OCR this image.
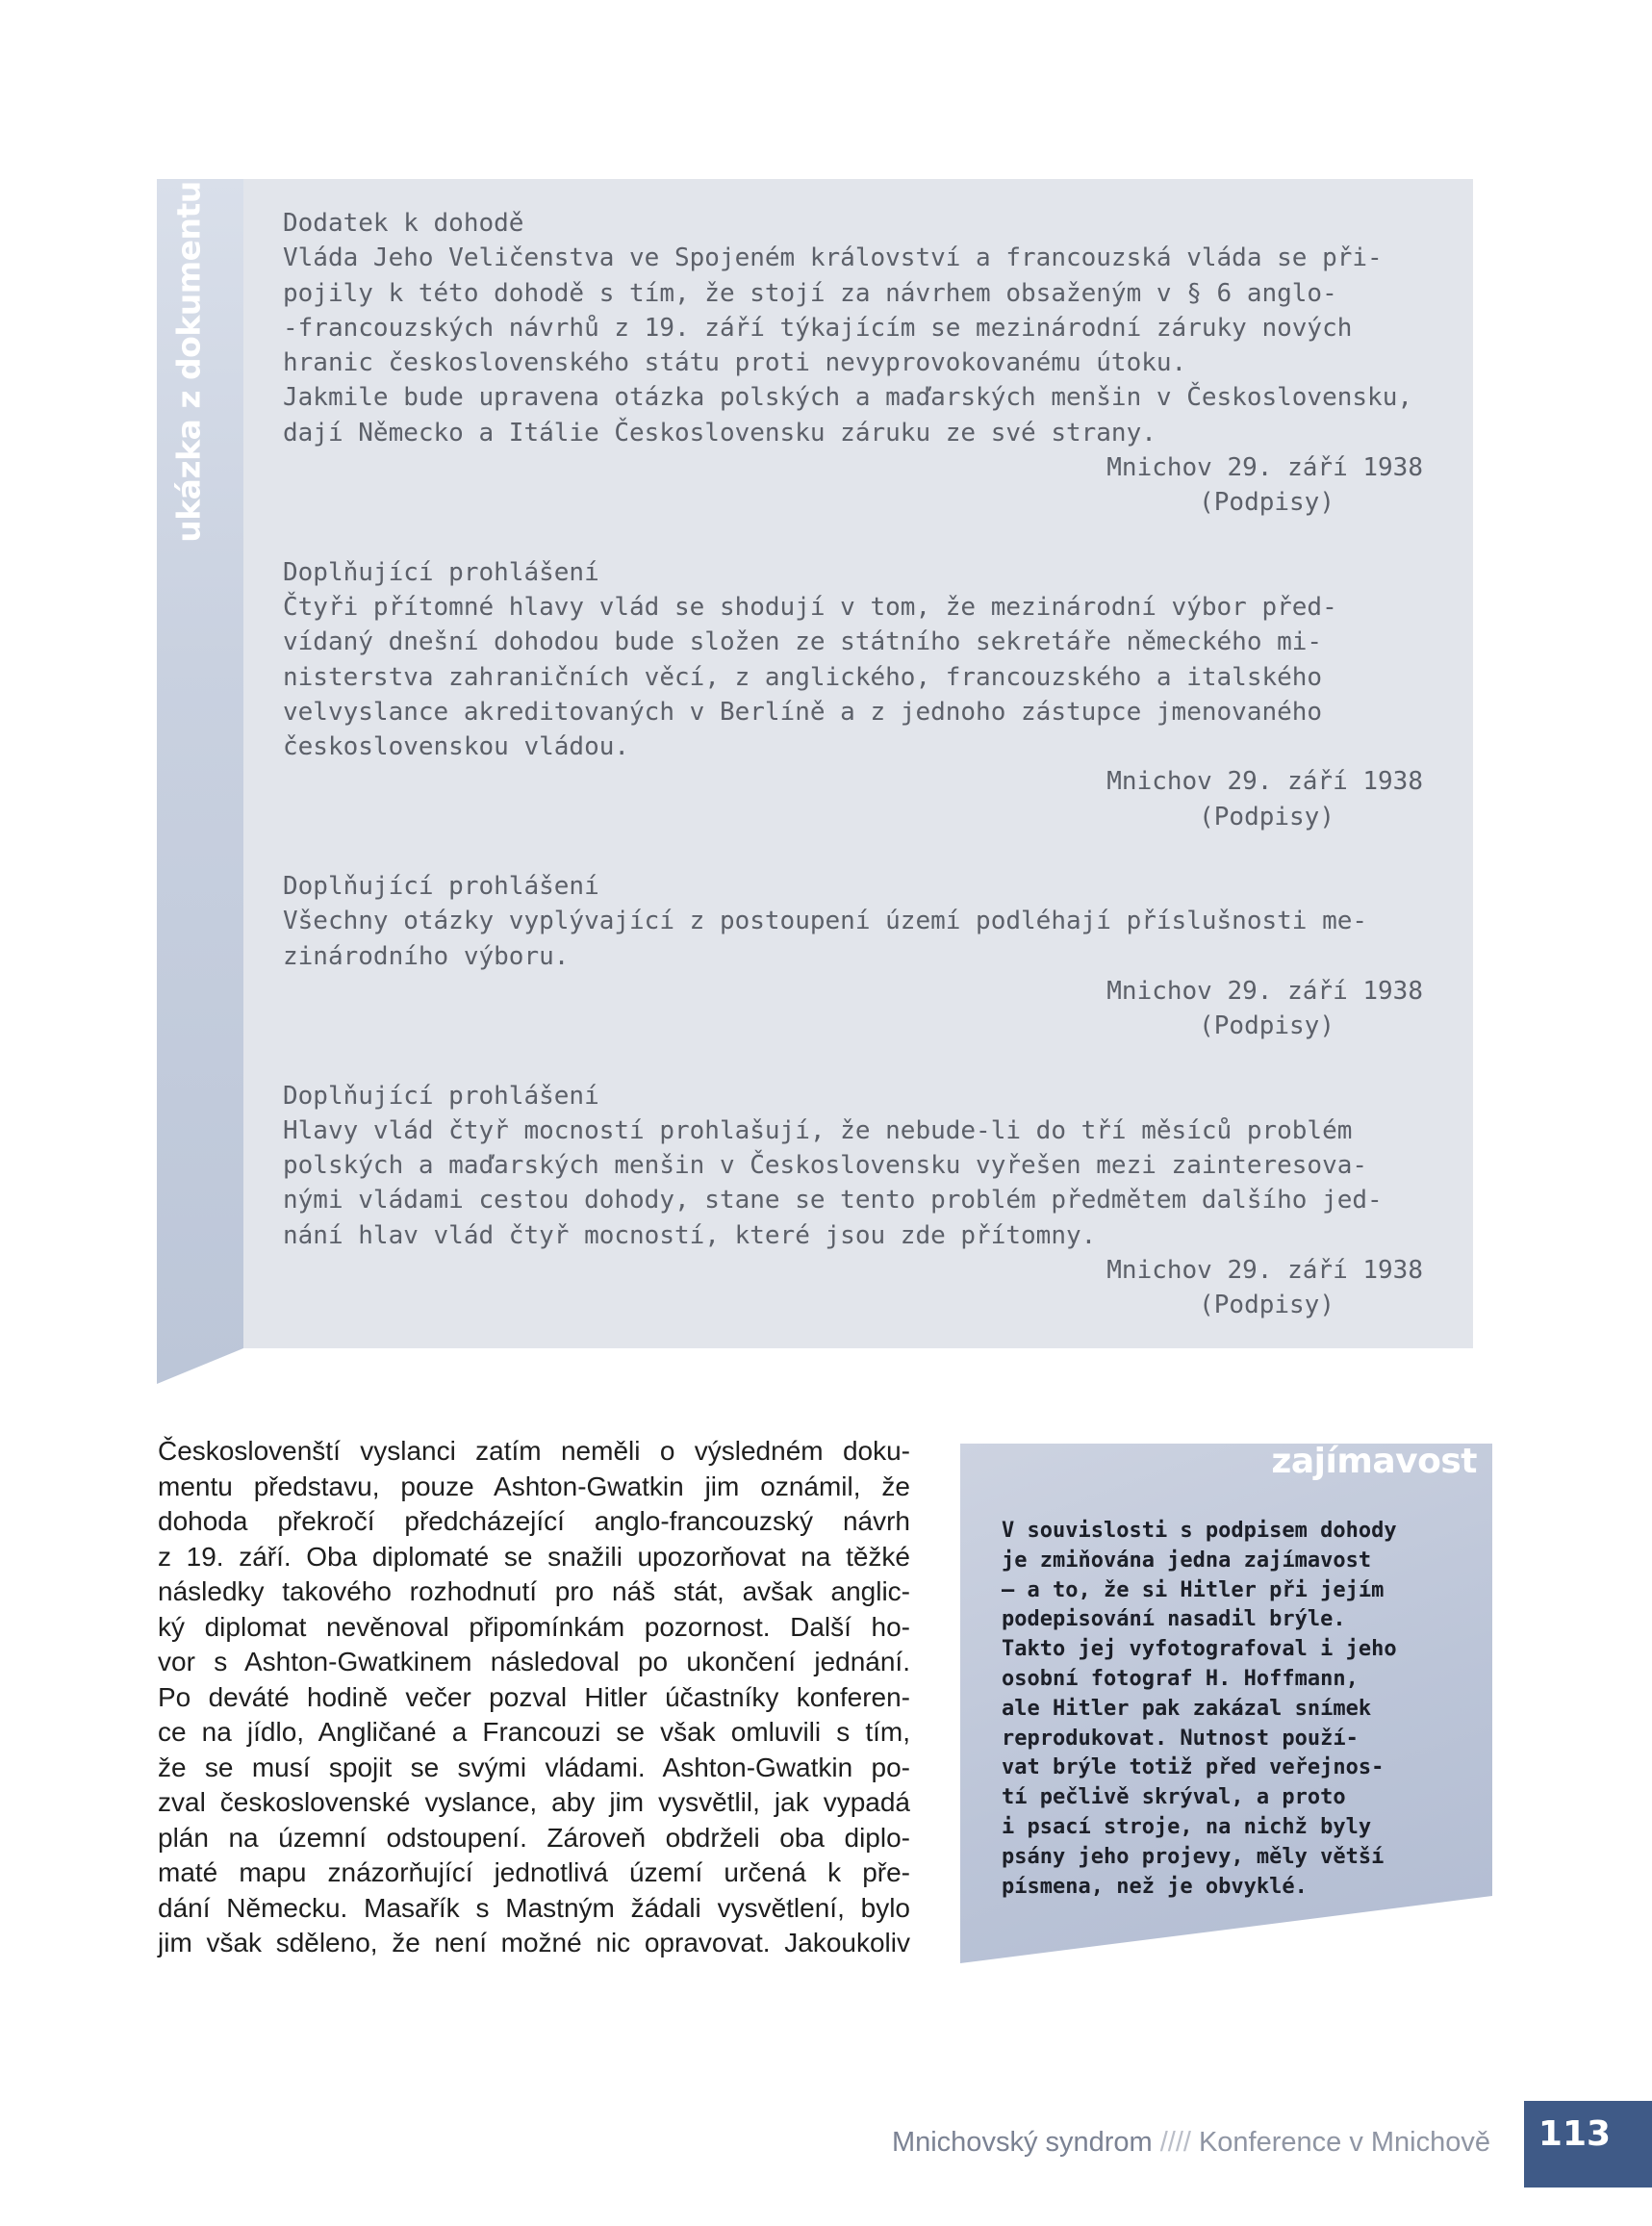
ukázka z dokumentu	Dodatek k dohodě
Vláda Jeho Veličenstva ve Spojeném království a francouzská vláda se při-
pojily k této dohodě s tím, že stojí za návrhem obsaženým v § 6 anglo-
-francouzských návrhů z 19. září týkajícím se mezinárodní záruky nových
hranic československého státu proti nevyprovokovanému útoku.
Jakmile bude upravena otázka polských a maďarských menšin v Československu,
dají Německo a Itálie Československu záruku ze své strany.
Mnichov 29. září 1938
(Podpisy)
Doplňující prohlášení
Čtyři přítomné hlavy vlád se shodují v tom, že mezinárodní výbor před-
vídaný dnešní dohodou bude složen ze státního sekretáře německého mi-
nisterstva zahraničních věcí, z anglického, francouzského a italského
velvyslance akreditovaných v Berlíně a z jednoho zástupce jmenovaného
československou vládou.
Mnichov 29. září 1938
(Podpisy)
Doplňující prohlášení
Všechny otázky vyplývající z postoupení území podléhají příslušnosti me-
zinárodního výboru.
Mnichov 29. září 1938
(Podpisy)
Doplňující prohlášení
Hlavy vlád čtyř mocností prohlašují, že nebude-li do tří měsíců problém
polských a maďarských menšin v Československu vyřešen mezi zainteresova-
nými vládami cestou dohody, stane se tento problém předmětem dalšího jed-
nání hlav vlád čtyř mocností, které jsou zde přítomny.
Mnichov 29. září 1938
(Podpisy)
Českoslovenští vyslanci zatím neměli o výsledném doku-
mentu představu, pouze Ashton-Gwatkin jim oznámil, že
dohoda překročí předcházející anglo-francouzský návrh
z 19. září. Oba diplomaté se snažili upozorňovat na těžké
následky takového rozhodnutí pro náš stát, avšak anglic-
ký diplomat nevěnoval připomínkám pozornost. Další ho-
vor s Ashton-Gwatkinem následoval po ukončení jednání.
Po deváté hodině večer pozval Hitler účastníky konferen-
ce na jídlo, Angličané a Francouzi se však omluvili s tím,
že se musí spojit se svými vládami. Ashton-Gwatkin po-
zval československé vyslance, aby jim vysvětlil, jak vypadá
plán na územní odstoupení. Zároveň obdrželi oba diplo-
maté mapu znázorňující jednotlivá území určená k pře-
dání Německu. Masařík s Mastným žádali vysvětlení, bylo
jim však sděleno, že není možné nic opravovat. Jakoukoliv
zajímavost
V souvislosti s podpisem dohody
je zmiňována jedna zajímavost
– a to, že si Hitler při jejím
podepisování nasadil brýle.
Takto jej vyfotografoval i jeho
osobní fotograf H. Hoffmann,
ale Hitler pak zakázal snímek
reprodukovat. Nutnost použí-
vat brýle totiž před veřejnos-
tí pečlivě skrýval, a proto
i psací stroje, na nichž byly
psány jeho projevy, měly větší
písmena, než je obvyklé.
Mnichovský syndrom //// Konference v Mnichově	113
